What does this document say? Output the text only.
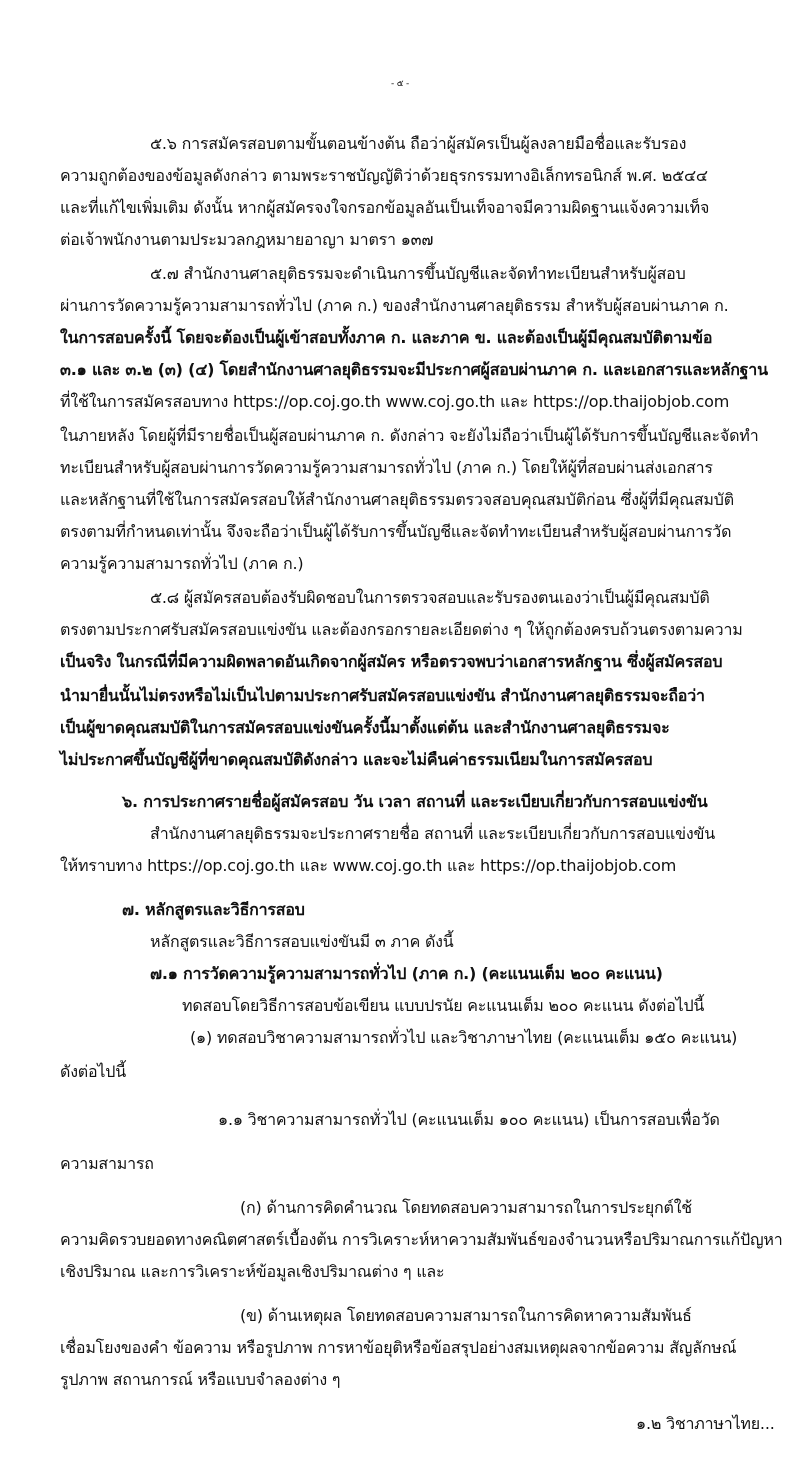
- ๕ -
๕.๖ การสมัครสอบตามขั้นตอนข้างต้น ถือว่าผู้สมัครเป็นผู้ลงลายมือชื่อและรับรอง
ความถูกต้องของข้อมูลดังกล่าว ตามพระราชบัญญัติว่าด้วยธุรกรรมทางอิเล็กทรอนิกส์ พ.ศ. ๒๕๔๔
และที่แก้ไขเพิ่มเติม ดังนั้น หากผู้สมัครจงใจกรอกข้อมูลอันเป็นเท็จอาจมีความผิดฐานแจ้งความเท็จ
ต่อเจ้าพนักงานตามประมวลกฎหมายอาญา มาตรา ๑๓๗
๕.๗ สำนักงานศาลยุติธรรมจะดำเนินการขึ้นบัญชีและจัดทำทะเบียนสำหรับผู้สอบ
ผ่านการวัดความรู้ความสามารถทั่วไป (ภาค ก.) ของสำนักงานศาลยุติธรรม สำหรับผู้สอบผ่านภาค ก.
ในการสอบครั้งนี้ โดยจะต้องเป็นผู้เข้าสอบทั้งภาค ก. และภาค ข. และต้องเป็นผู้มีคุณสมบัติตามข้อ
๓.๑ และ ๓.๒ (๓) (๔) โดยสำนักงานศาลยุติธรรมจะมีประกาศผู้สอบผ่านภาค ก. และเอกสารและหลักฐาน
ที่ใช้ในการสมัครสอบทาง https://op.coj.go.th www.coj.go.th และ https://op.thaijobjob.com
ในภายหลัง โดยผู้ที่มีรายชื่อเป็นผู้สอบผ่านภาค ก. ดังกล่าว จะยังไม่ถือว่าเป็นผู้ได้รับการขึ้นบัญชีและจัดทำ
ทะเบียนสำหรับผู้สอบผ่านการวัดความรู้ความสามารถทั่วไป (ภาค ก.) โดยให้ผู้ที่สอบผ่านส่งเอกสาร
และหลักฐานที่ใช้ในการสมัครสอบให้สำนักงานศาลยุติธรรมตรวจสอบคุณสมบัติก่อน ซึ่งผู้ที่มีคุณสมบัติ
ตรงตามที่กำหนดเท่านั้น จึงจะถือว่าเป็นผู้ได้รับการขึ้นบัญชีและจัดทำทะเบียนสำหรับผู้สอบผ่านการวัด
ความรู้ความสามารถทั่วไป (ภาค ก.)
๕.๘ ผู้สมัครสอบต้องรับผิดชอบในการตรวจสอบและรับรองตนเองว่าเป็นผู้มีคุณสมบัติ
ตรงตามประกาศรับสมัครสอบแข่งขัน และต้องกรอกรายละเอียดต่าง ๆ ให้ถูกต้องครบถ้วนตรงตามความ
เป็นจริง ในกรณีที่มีความผิดพลาดอันเกิดจากผู้สมัคร หรือตรวจพบว่าเอกสารหลักฐาน ซึ่งผู้สมัครสอบ
นำมายื่นนั้นไม่ตรงหรือไม่เป็นไปตามประกาศรับสมัครสอบแข่งขัน สำนักงานศาลยุติธรรมจะถือว่า
เป็นผู้ขาดคุณสมบัติในการสมัครสอบแข่งขันครั้งนี้มาตั้งแต่ต้น และสำนักงานศาลยุติธรรมจะ
ไม่ประกาศขึ้นบัญชีผู้ที่ขาดคุณสมบัติดังกล่าว และจะไม่คืนค่าธรรมเนียมในการสมัครสอบ
๖. การประกาศรายชื่อผู้สมัครสอบ วัน เวลา สถานที่ และระเบียบเกี่ยวกับการสอบแข่งขัน
สำนักงานศาลยุติธรรมจะประกาศรายชื่อ สถานที่ และระเบียบเกี่ยวกับการสอบแข่งขัน
ให้ทราบทาง https://op.coj.go.th และ www.coj.go.th และ https://op.thaijobjob.com
๗. หลักสูตรและวิธีการสอบ
หลักสูตรและวิธีการสอบแข่งขันมี ๓ ภาค ดังนี้
๗.๑ การวัดความรู้ความสามารถทั่วไป (ภาค ก.) (คะแนนเต็ม ๒๐๐ คะแนน)
ทดสอบโดยวิธีการสอบข้อเขียน แบบปรนัย คะแนนเต็ม ๒๐๐ คะแนน ดังต่อไปนี้
(๑) ทดสอบวิชาความสามารถทั่วไป และวิชาภาษาไทย (คะแนนเต็ม ๑๕๐ คะแนน)
ดังต่อไปนี้
๑.๑ วิชาความสามารถทั่วไป (คะแนนเต็ม ๑๐๐ คะแนน) เป็นการสอบเพื่อวัด
ความสามารถ
(ก) ด้านการคิดคำนวณ โดยทดสอบความสามารถในการประยุกต์ใช้
ความคิดรวบยอดทางคณิตศาสตร์เบื้องต้น การวิเคราะห์หาความสัมพันธ์ของจำนวนหรือปริมาณการแก้ปัญหา
เชิงปริมาณ และการวิเคราะห์ข้อมูลเชิงปริมาณต่าง ๆ และ
(ข) ด้านเหตุผล โดยทดสอบความสามารถในการคิดหาความสัมพันธ์
เชื่อมโยงของคำ ข้อความ หรือรูปภาพ การหาข้อยุติหรือข้อสรุปอย่างสมเหตุผลจากข้อความ สัญลักษณ์
รูปภาพ สถานการณ์ หรือแบบจำลองต่าง ๆ
๑.๒ วิชาภาษาไทย...
